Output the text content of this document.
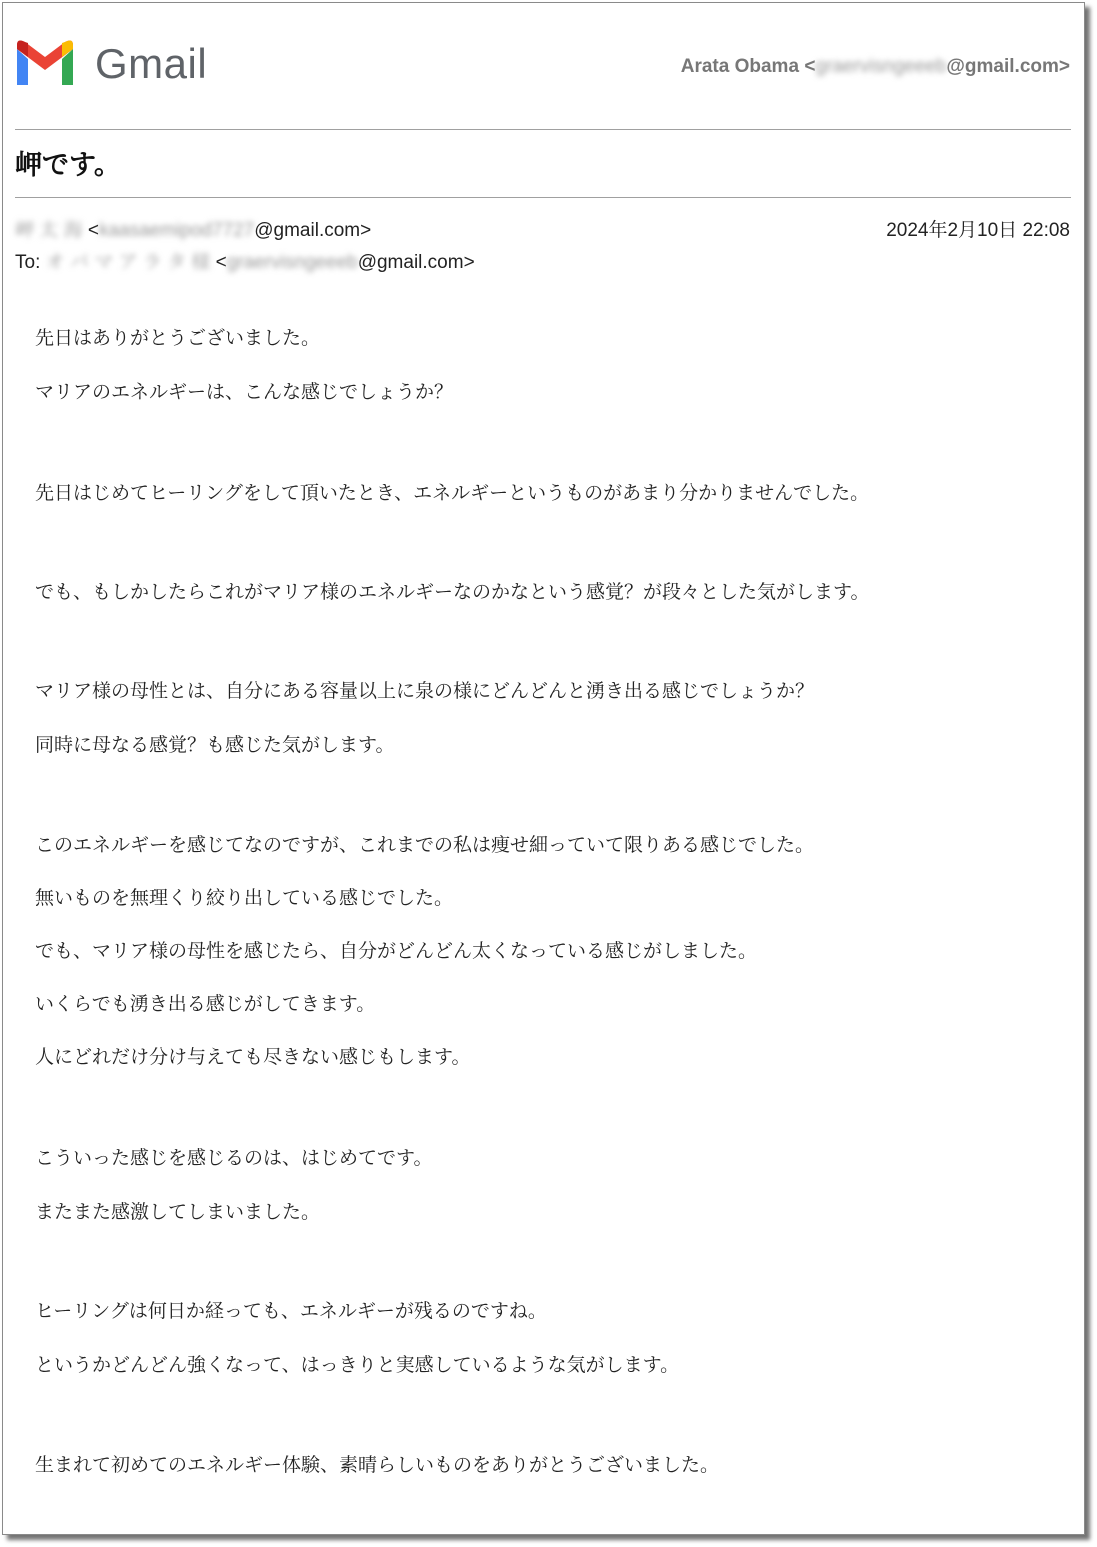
Gmail	Arata Obama <graervisngeeeb@gmail.com>
岬です。
岬 太 海 <kaasaemipod7727@gmail.com>	2024年2月10日 22:08
To: オ バ マ ア ラ タ 様 <graervisngeeeb@gmail.com>
先日はありがとうございました。
マリアのエネルギーは、こんな感じでしょうか？
先日はじめてヒーリングをして頂いたとき、エネルギーというものがあまり分かりませんでした。
でも、もしかしたらこれがマリア様のエネルギーなのかなという感覚？が段々とした気がします。
マリア様の母性とは、自分にある容量以上に泉の様にどんどんと湧き出る感じでしょうか？
同時に母なる感覚？も感じた気がします。
このエネルギーを感じてなのですが、これまでの私は痩せ細っていて限りある感じでした。
無いものを無理くり絞り出している感じでした。
でも、マリア様の母性を感じたら、自分がどんどん太くなっている感じがしました。
いくらでも湧き出る感じがしてきます。
人にどれだけ分け与えても尽きない感じもします。
こういった感じを感じるのは、はじめてです。
またまた感激してしまいました。
ヒーリングは何日か経っても、エネルギーが残るのですね。
というかどんどん強くなって、はっきりと実感しているような気がします。
生まれて初めてのエネルギー体験、素晴らしいものをありがとうございました。
